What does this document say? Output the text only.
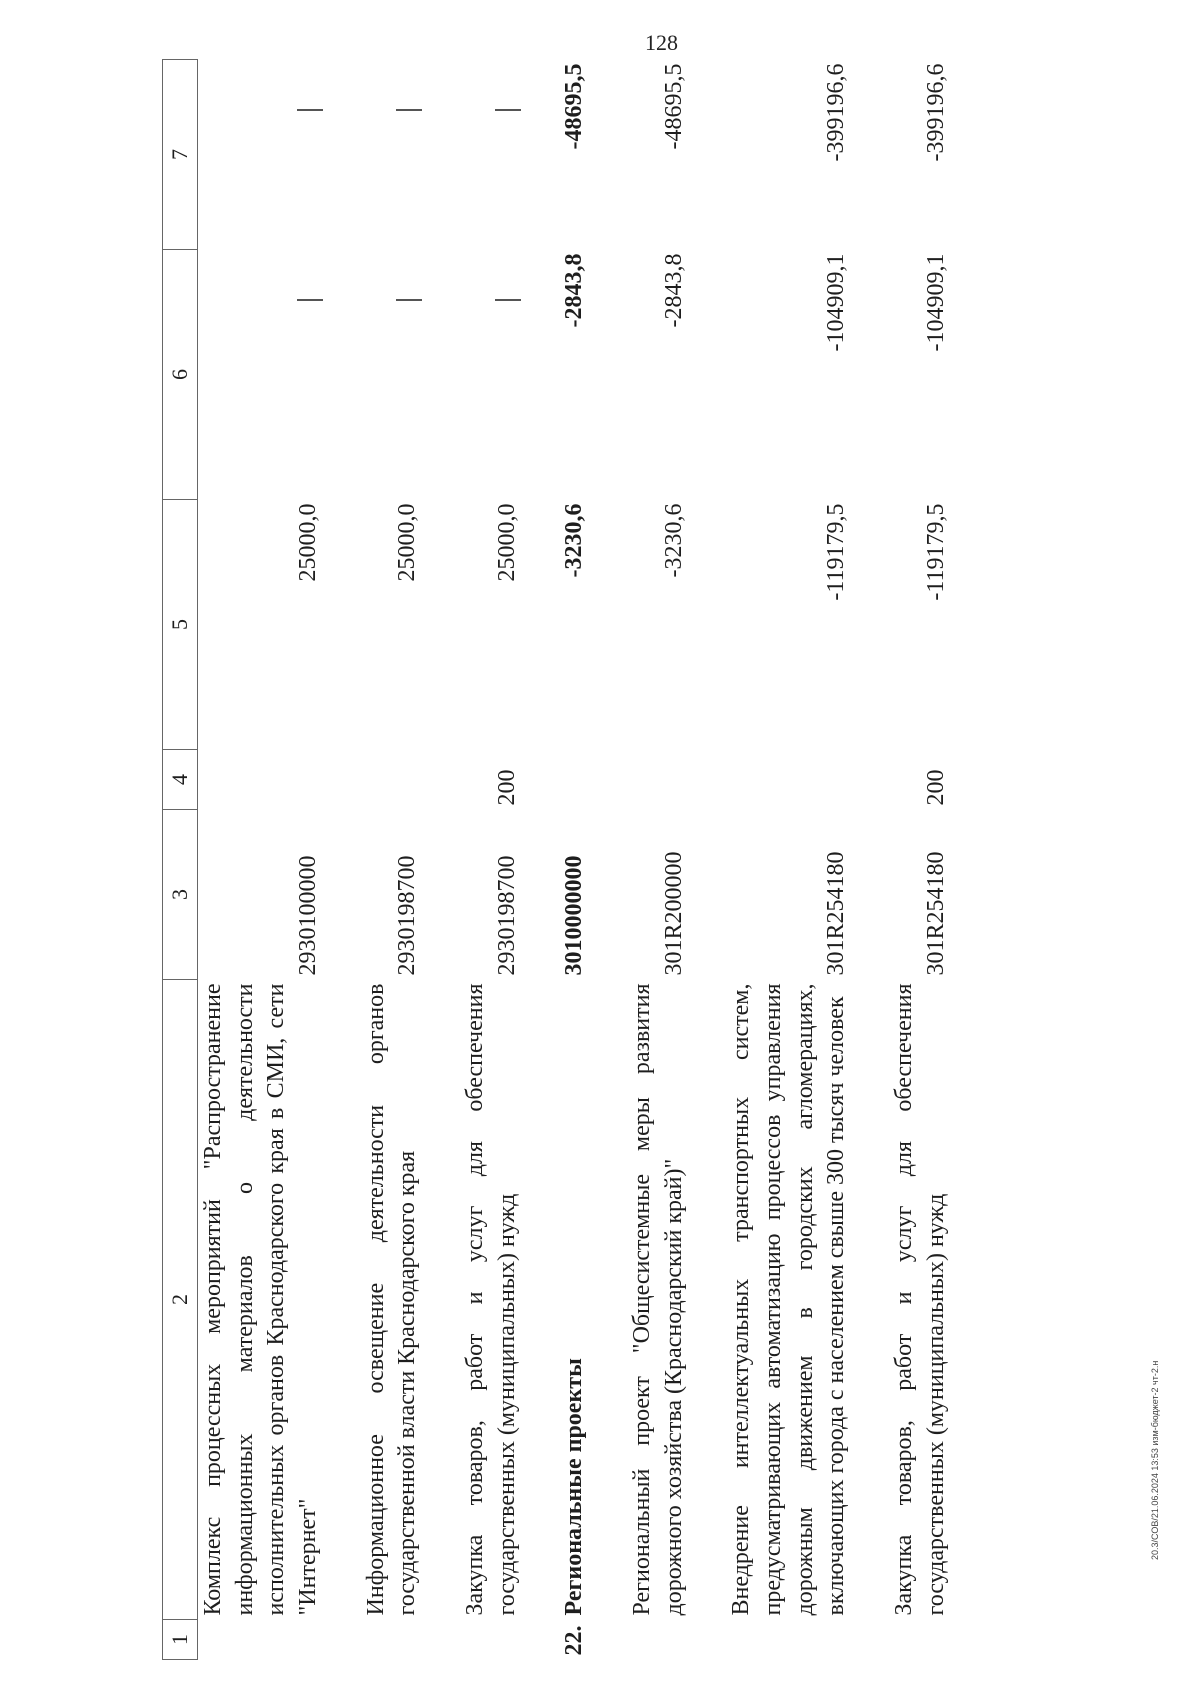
128
1	2	3	4	5	6	7
	Комплекс процессных мероприятий "Распространение информационных материалов о деятельности исполнительных органов Краснодарского края в СМИ, сети "Интернет"	2930100000		25000,0		
	Информационное освещение деятельности органов государственной власти Краснодарского края	2930198700		25000,0		
	Закупка товаров, работ и услуг для обеспечения государственных (муниципальных) нужд	2930198700	200	25000,0		
22.	Региональные проекты	3010000000		-3230,6	-2843,8	-48695,5
	Региональный проект "Общесистемные меры развития дорожного хозяйства (Краснодарский край)"	301R200000		-3230,6	-2843,8	-48695,5
	Внедрение интеллектуальных транспортных систем, предусматривающих автоматизацию процессов управления дорожным движением в городских агломерациях, включающих города с населением свыше 300 тысяч человек	301R254180		-119179,5	-104909,1	-399196,6
	Закупка товаров, работ и услуг для обеспечения государственных (муниципальных) нужд	301R254180	200	-119179,5	-104909,1	-399196,6
20.3/СОВ/21.06.2024 13:53 изм-бюджет-2 чт-2.н
